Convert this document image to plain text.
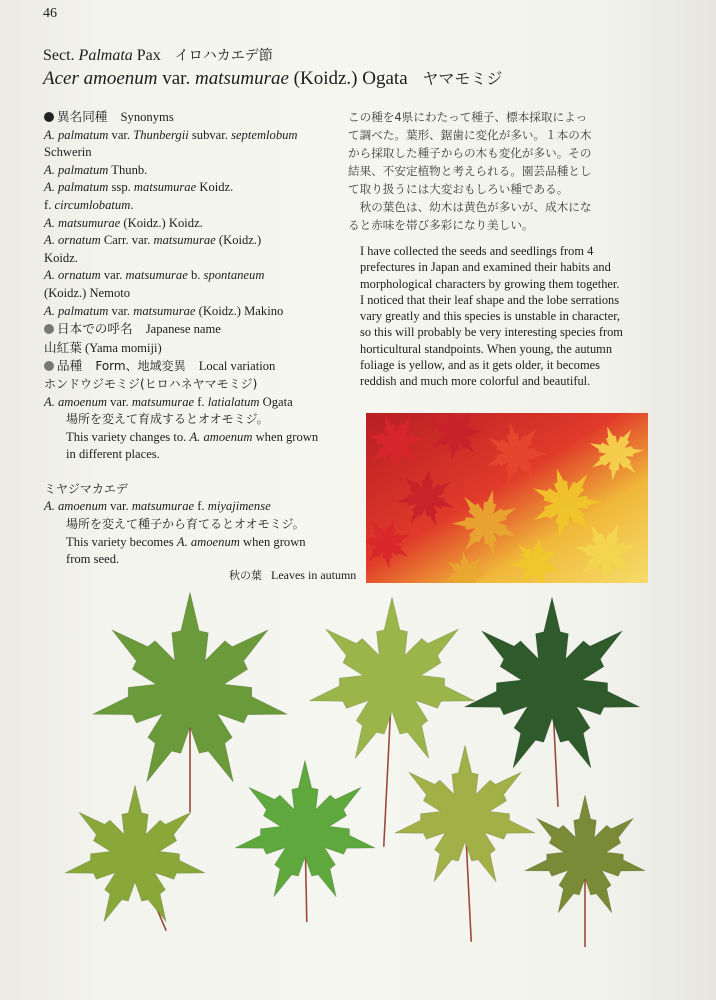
46
Sect. Palmata Pax イロハカエデ節
Acer amoenum var. matsumurae (Koidz.) Ogata ヤマモミジ
異名同種 Synonyms
A. palmatum var. Thunbergii subvar. septemlobum
Schwerin
A. palmatum Thunb.
A. palmatum ssp. matsumurae Koidz.
f. circumlobatum.
A. matsumurae (Koidz.) Koidz.
A. ornatum Carr. var. matsumurae (Koidz.)
Koidz.
A. ornatum var. matsumurae b. spontaneum
(Koidz.) Nemoto
A. palmatum var. matsumurae (Koidz.) Makino
日本での呼名 Japanese name
山紅葉 (Yama momiji)
品種 Form、地域変異 Local variation
ホンドウジモミジ(ヒロハネヤマモミジ)
A. amoenum var. matsumurae f. latialatum Ogata
場所を変えて育成するとオオモミジ。
This variety changes to. A. amoenum when grown
in different places.
ミヤジマカエデ
A. amoenum var. matsumurae f. miyajimense
場所を変えて種子から育てるとオオモミジ。
This variety becomes A. amoenum when grown
from seed.
この種を4県にわたって種子、標本採取によっ
て調べた。葉形、鋸歯に変化が多い。１本の木
から採取した種子からの木も変化が多い。その
結果、不安定植物と考えられる。園芸品種とし
て取り扱うには大変おもしろい種である。
　秋の葉色は、幼木は黄色が多いが、成木にな
ると赤味を帯び多彩になり美しい。
I have collected the seeds and seedlings from 4
prefectures in Japan and examined their habits and
morphological characters by growing them together.
I noticed that their leaf shape and the lobe serrations
vary greatly and this species is unstable in character,
so this will probably be very interesting species from
horticultural standpoints. When young, the autumn
foliage is yellow, and as it gets older, it becomes
reddish and much more colorful and beautiful.
秋の葉 Leaves in autumn
